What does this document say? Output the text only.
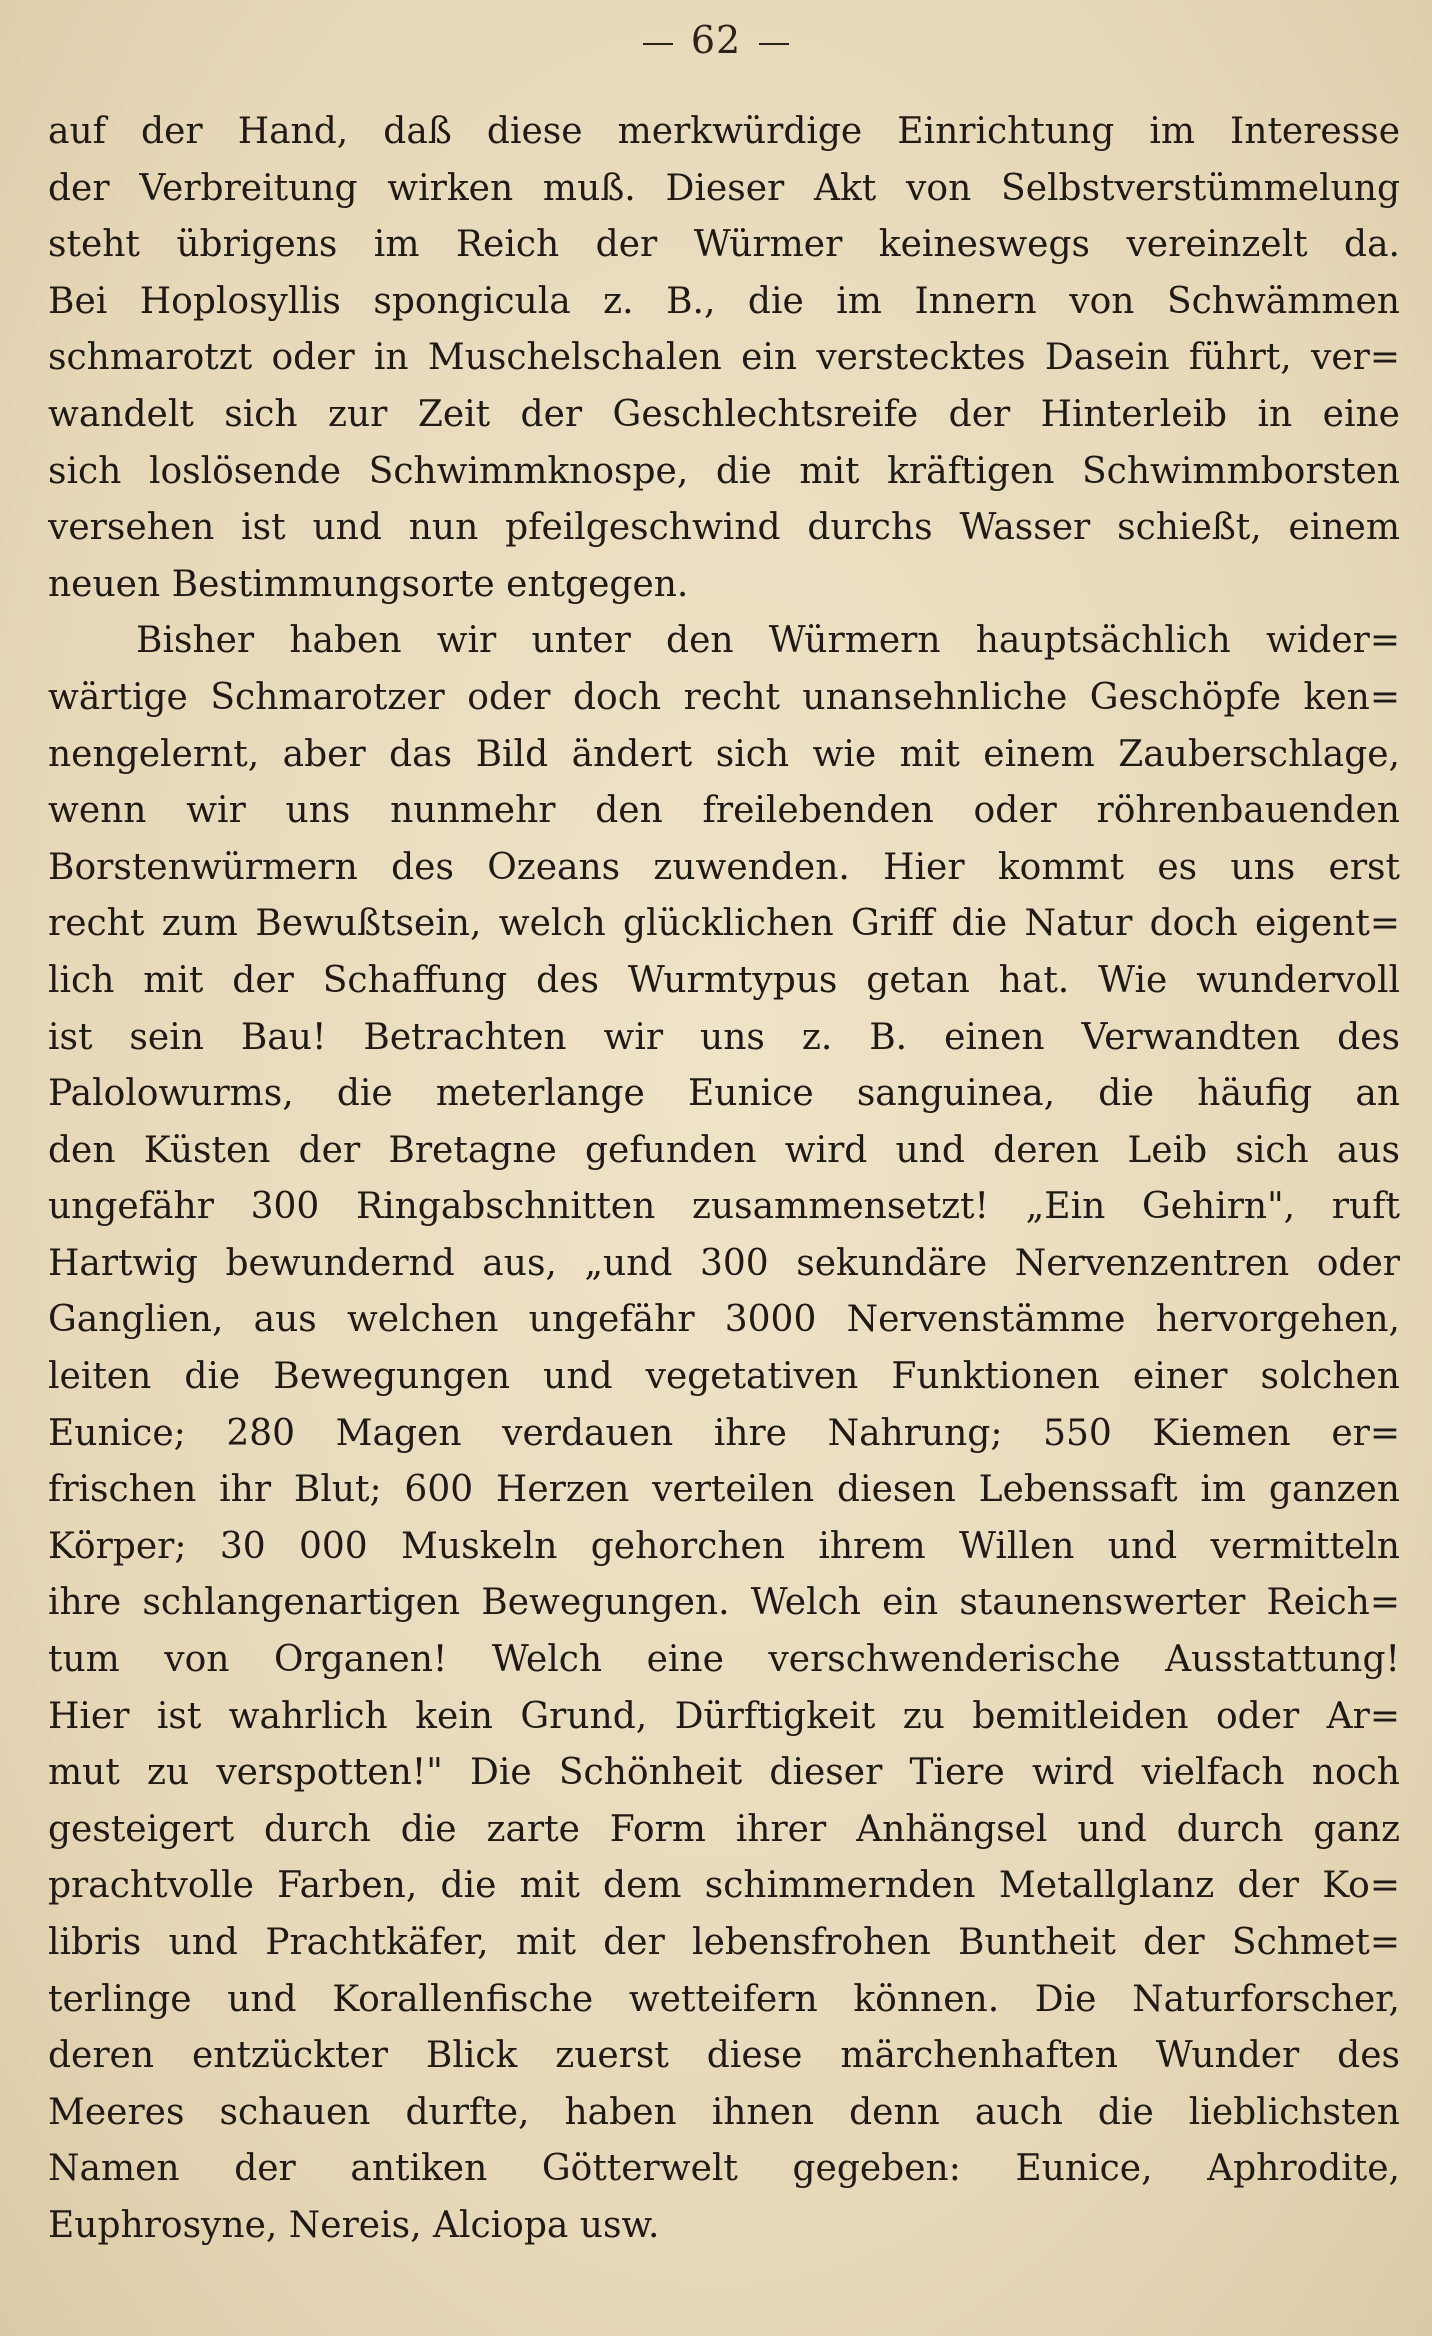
62
auf der Hand, daß diese merkwürdige Einrichtung im Interesse
der Verbreitung wirken muß. Dieser Akt von Selbstverstümmelung
steht übrigens im Reich der Würmer keineswegs vereinzelt da.
Bei Hoplosyllis spongicula z. B., die im Innern von Schwämmen
schmarotzt oder in Muschelschalen ein verstecktes Dasein führt, ver=
wandelt sich zur Zeit der Geschlechtsreife der Hinterleib in eine
sich loslösende Schwimmknospe, die mit kräftigen Schwimmborsten
versehen ist und nun pfeilgeschwind durchs Wasser schießt, einem
neuen Bestimmungsorte entgegen.
Bisher haben wir unter den Würmern hauptsächlich wider=
wärtige Schmarotzer oder doch recht unansehnliche Geschöpfe ken=
nengelernt, aber das Bild ändert sich wie mit einem Zauberschlage,
wenn wir uns nunmehr den freilebenden oder röhrenbauenden
Borstenwürmern des Ozeans zuwenden. Hier kommt es uns erst
recht zum Bewußtsein, welch glücklichen Griff die Natur doch eigent=
lich mit der Schaffung des Wurmtypus getan hat. Wie wundervoll
ist sein Bau! Betrachten wir uns z. B. einen Verwandten des
Palolowurms, die meterlange Eunice sanguinea, die häufig an
den Küsten der Bretagne gefunden wird und deren Leib sich aus
ungefähr 300 Ringabschnitten zusammensetzt! „Ein Gehirn", ruft
Hartwig bewundernd aus, „und 300 sekundäre Nervenzentren oder
Ganglien, aus welchen ungefähr 3000 Nervenstämme hervorgehen,
leiten die Bewegungen und vegetativen Funktionen einer solchen
Eunice; 280 Magen verdauen ihre Nahrung; 550 Kiemen er=
frischen ihr Blut; 600 Herzen verteilen diesen Lebenssaft im ganzen
Körper; 30 000 Muskeln gehorchen ihrem Willen und vermitteln
ihre schlangenartigen Bewegungen. Welch ein staunenswerter Reich=
tum von Organen! Welch eine verschwenderische Ausstattung!
Hier ist wahrlich kein Grund, Dürftigkeit zu bemitleiden oder Ar=
mut zu verspotten!" Die Schönheit dieser Tiere wird vielfach noch
gesteigert durch die zarte Form ihrer Anhängsel und durch ganz
prachtvolle Farben, die mit dem schimmernden Metallglanz der Ko=
libris und Prachtkäfer, mit der lebensfrohen Buntheit der Schmet=
terlinge und Korallenfische wetteifern können. Die Naturforscher,
deren entzückter Blick zuerst diese märchenhaften Wunder des
Meeres schauen durfte, haben ihnen denn auch die lieblichsten
Namen der antiken Götterwelt gegeben: Eunice, Aphrodite,
Euphrosyne, Nereis, Alciopa usw.
